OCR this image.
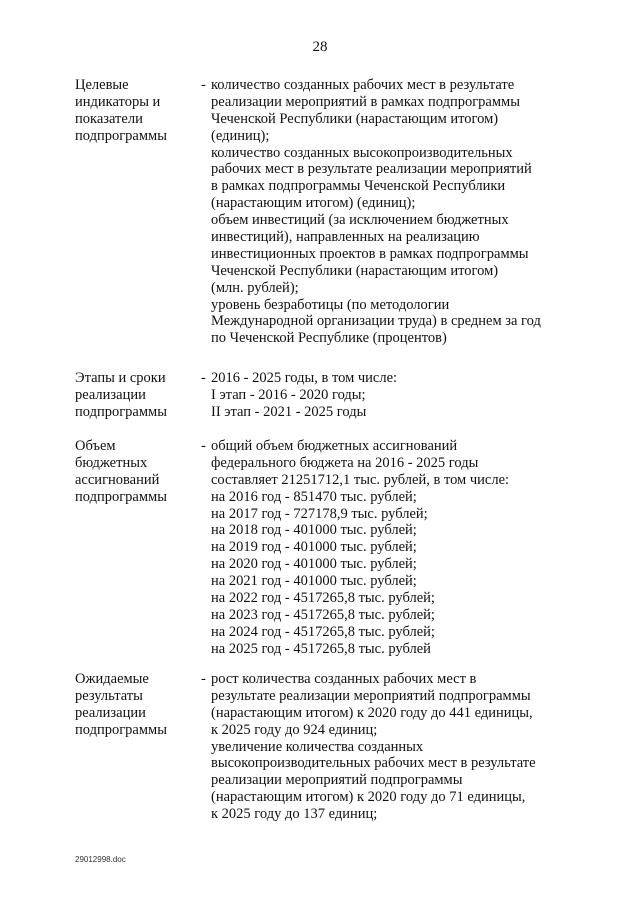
28
Целевые
индикаторы и
показатели
подпрограммы
- количество созданных рабочих мест в результате
реализации мероприятий в рамках подпрограммы
Чеченской Республики (нарастающим итогом)
(единиц);
количество созданных высокопроизводительных
рабочих мест в результате реализации мероприятий
в рамках подпрограммы Чеченской Республики
(нарастающим итогом) (единиц);
объем инвестиций (за исключением бюджетных
инвестиций), направленных на реализацию
инвестиционных проектов в рамках подпрограммы
Чеченской Республики (нарастающим итогом)
(млн. рублей);
уровень безработицы (по методологии
Международной организации труда) в среднем за год
по Чеченской Республике (процентов)
Этапы и сроки
реализации
подпрограммы
- 2016 - 2025 годы, в том числе:
I этап - 2016 - 2020 годы;
II этап - 2021 - 2025 годы
Объем
бюджетных
ассигнований
подпрограммы
- общий объем бюджетных ассигнований
федерального бюджета на 2016 - 2025 годы
составляет 21251712,1 тыс. рублей, в том числе:
на 2016 год - 851470 тыс. рублей;
на 2017 год - 727178,9 тыс. рублей;
на 2018 год - 401000 тыс. рублей;
на 2019 год - 401000 тыс. рублей;
на 2020 год - 401000 тыс. рублей;
на 2021 год - 401000 тыс. рублей;
на 2022 год - 4517265,8 тыс. рублей;
на 2023 год - 4517265,8 тыс. рублей;
на 2024 год - 4517265,8 тыс. рублей;
на 2025 год - 4517265,8 тыс. рублей
Ожидаемые
результаты
реализации
подпрограммы
- рост количества созданных рабочих мест в
результате реализации мероприятий подпрограммы
(нарастающим итогом) к 2020 году до 441 единицы,
к 2025 году до 924 единиц;
увеличение количества созданных
высокопроизводительных рабочих мест в результате
реализации мероприятий подпрограммы
(нарастающим итогом) к 2020 году до 71 единицы,
к 2025 году до 137 единиц;
29012998.doc
